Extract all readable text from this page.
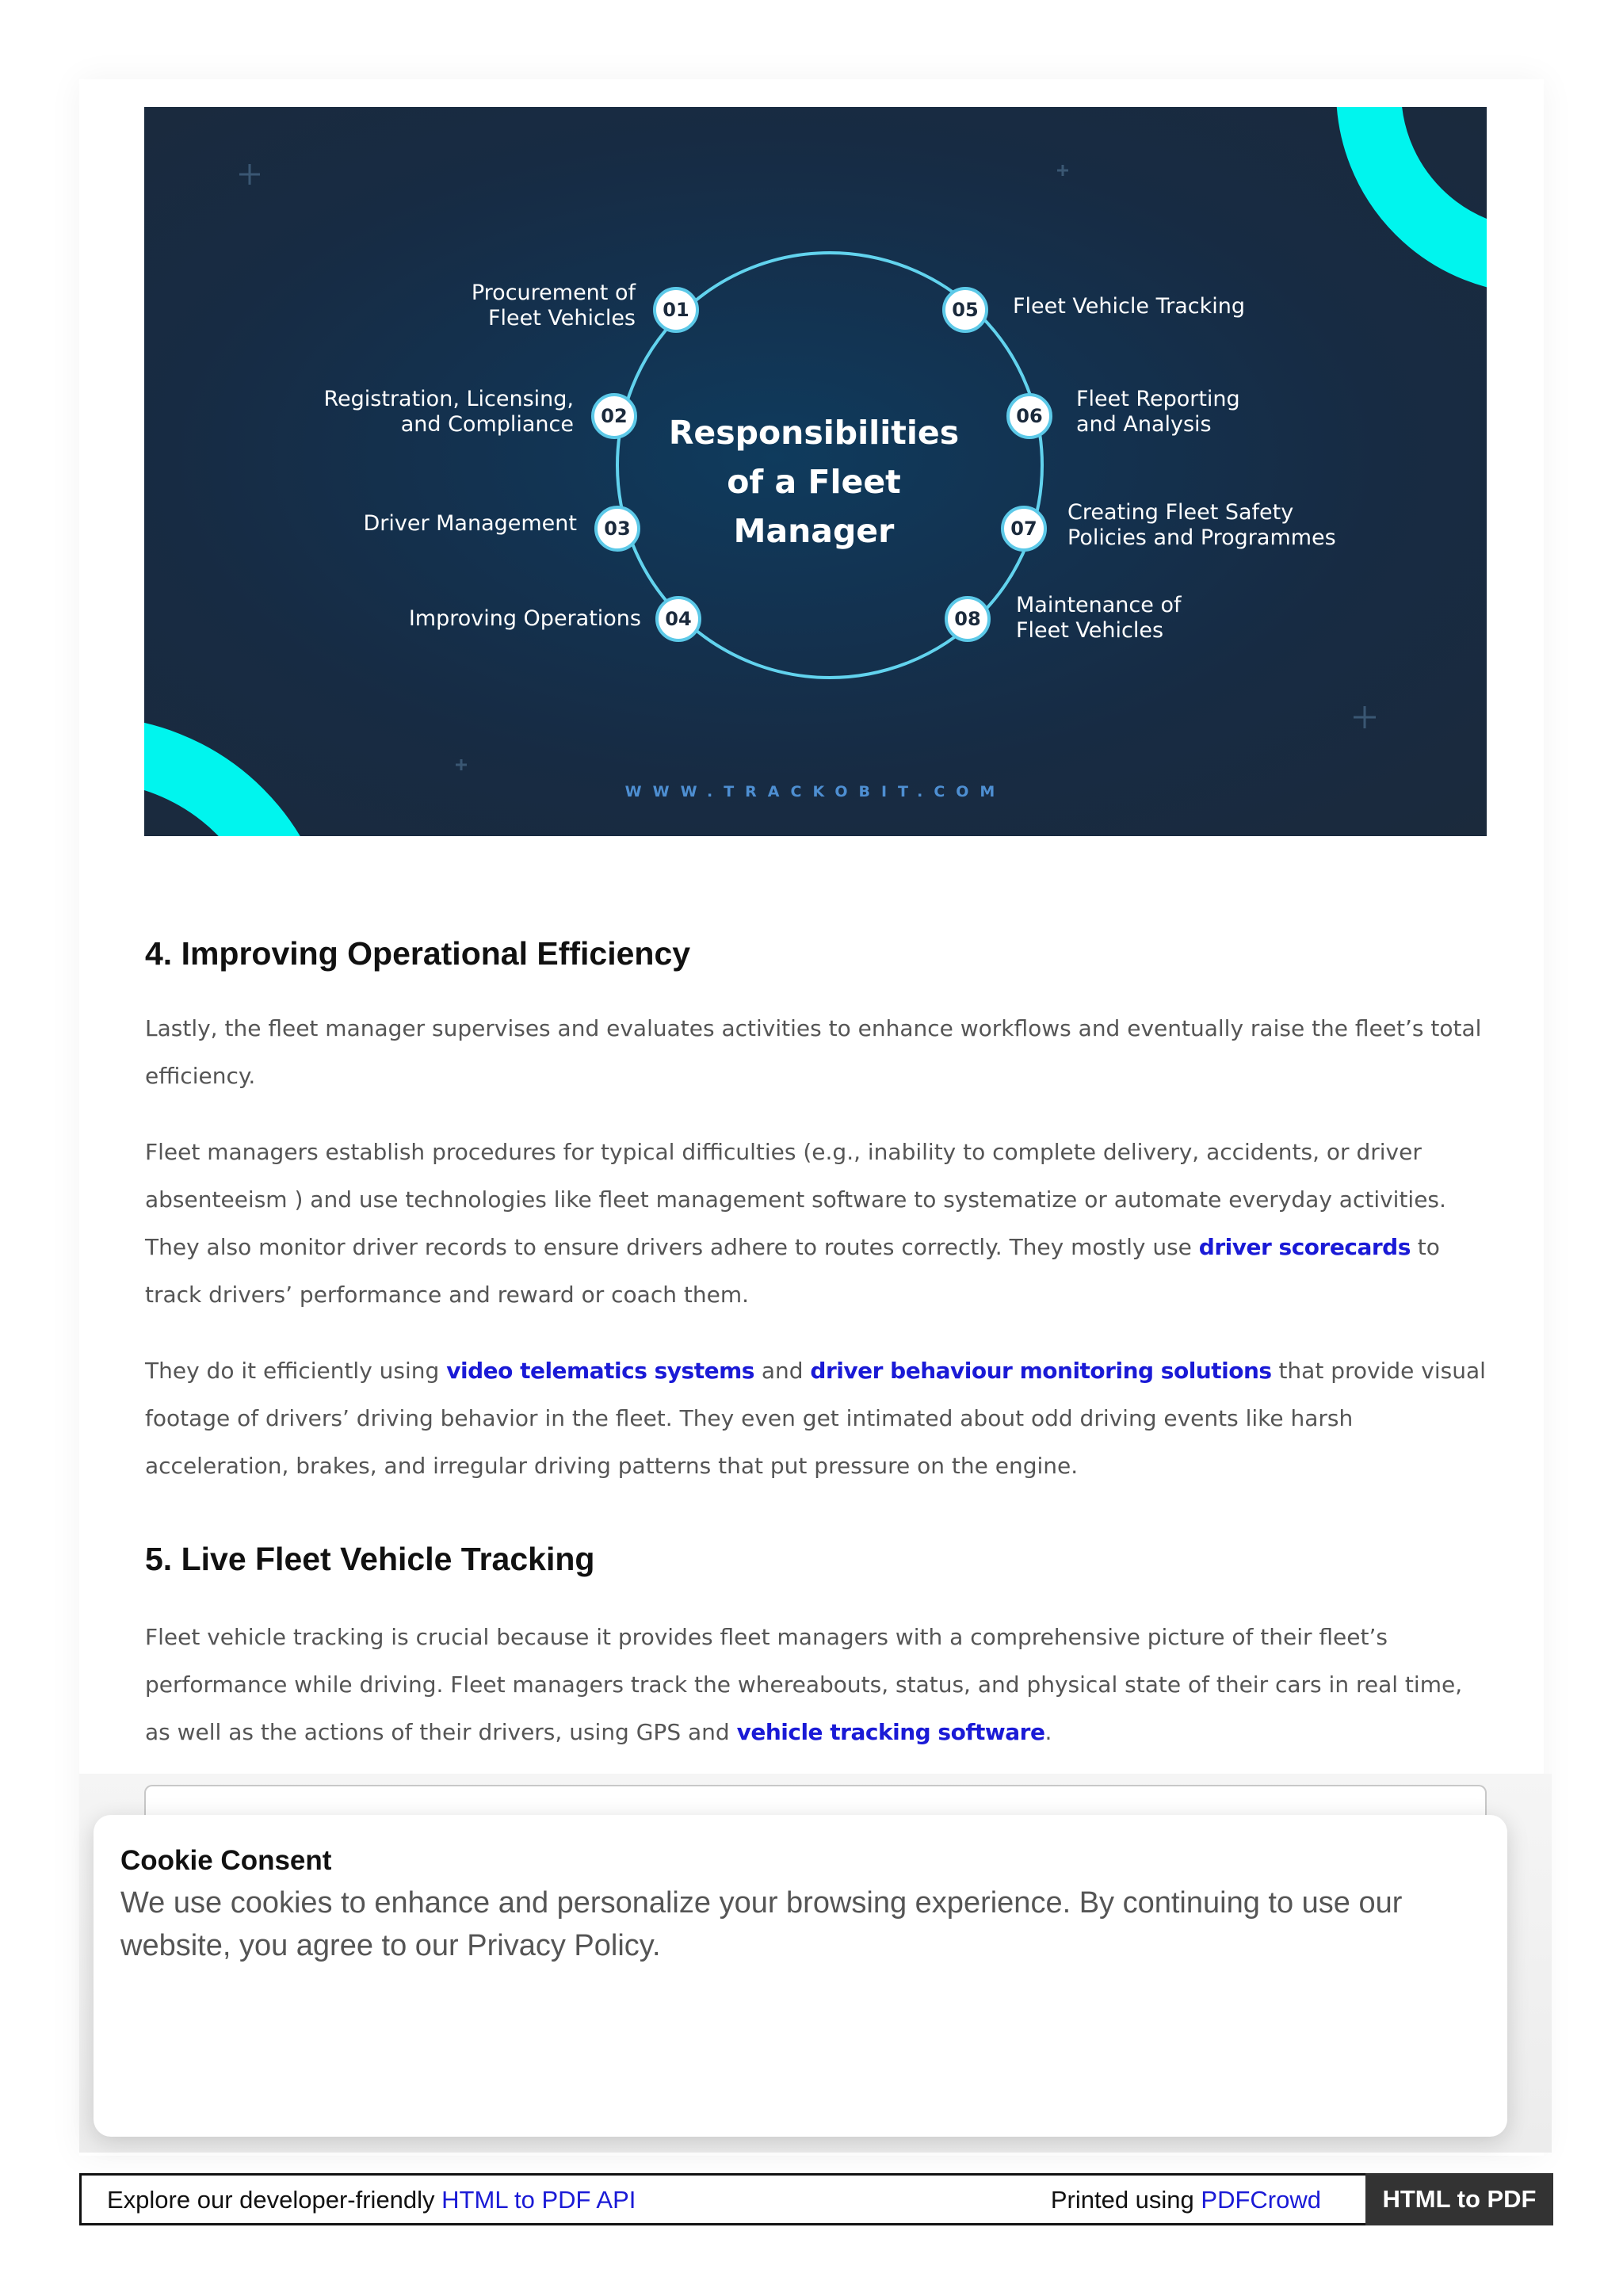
Responsibilities
of a Fleet Manager
01
02
03
04
05
06
07
08
Procurement of
Fleet Vehicles
Registration, Licensing,
and Compliance
Driver Management
Improving Operations
Fleet Vehicle Tracking
Fleet Reporting
and Analysis
Creating Fleet Safety
Policies and Programmes
Maintenance of
Fleet Vehicles
WWW.TRACKOBIT.COM
4. Improving Operational Efficiency

Lastly, the fleet manager supervises and evaluates activities to enhance workflows and eventually raise the fleet’s total efficiency.

Fleet managers establish procedures for typical difficulties (e.g., inability to complete delivery, accidents, or driver absenteeism ) and use technologies like fleet management software to systematize or automate everyday activities. They also monitor driver records to ensure drivers adhere to routes correctly. They mostly use driver scorecards to track drivers’ performance and reward or coach them.

They do it efficiently using video telematics systems and driver behaviour monitoring solutions that provide visual footage of drivers’ driving behavior in the fleet. They even get intimated about odd driving events like harsh acceleration, brakes, and irregular driving patterns that put pressure on the engine.

5. Live Fleet Vehicle Tracking

Fleet vehicle tracking is crucial because it provides fleet managers with a comprehensive picture of their fleet’s performance while driving. Fleet managers track the whereabouts, status, and physical state of their cars in real time, as well as the actions of their drivers, using GPS and vehicle tracking software.

Cookie Consent
We use cookies to enhance and personalize your browsing experience. By continuing to use our website, you agree to our Privacy Policy.
Explore our developer-friendly HTML to PDF API	Printed using PDFCrowd	HTML to PDF
